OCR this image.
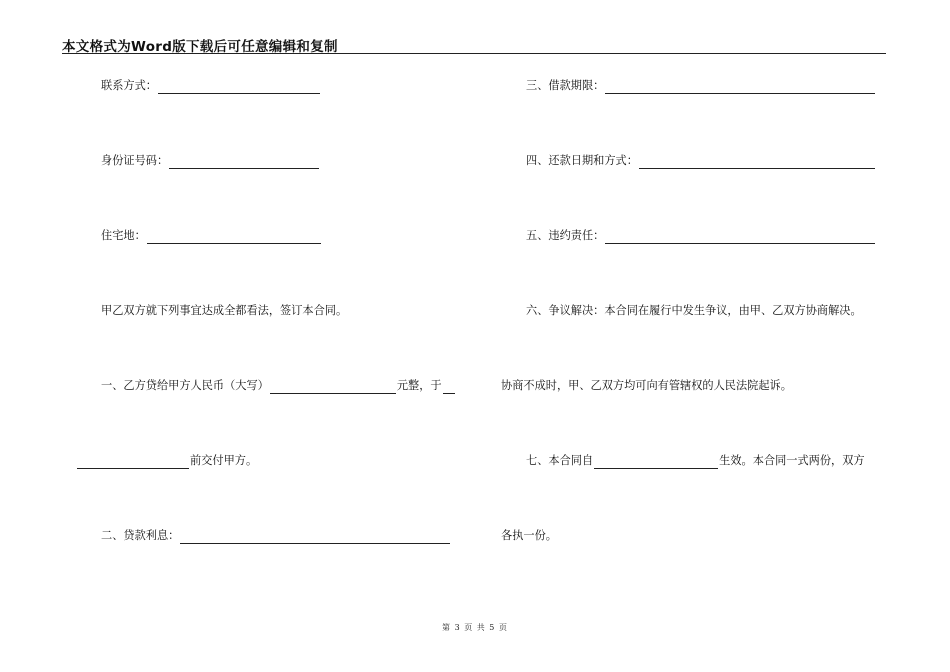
本文格式为Word版下载后可任意编辑和复制
联系方式：
身份证号码：
住宅地：
甲乙双方就下列事宜达成全都看法，签订本合同。
一、乙方贷给甲方人民币（大写）	元整，于
前交付甲方。
二、贷款利息：
三、借款期限：
四、还款日期和方式：
五、违约责任：
六、争议解决：本合同在履行中发生争议，由甲、乙双方协商解决。
协商不成时，甲、乙双方均可向有管辖权的人民法院起诉。
七、本合同自	生效。本合同一式两份，双方
各执一份。
第 3 页 共 5 页
